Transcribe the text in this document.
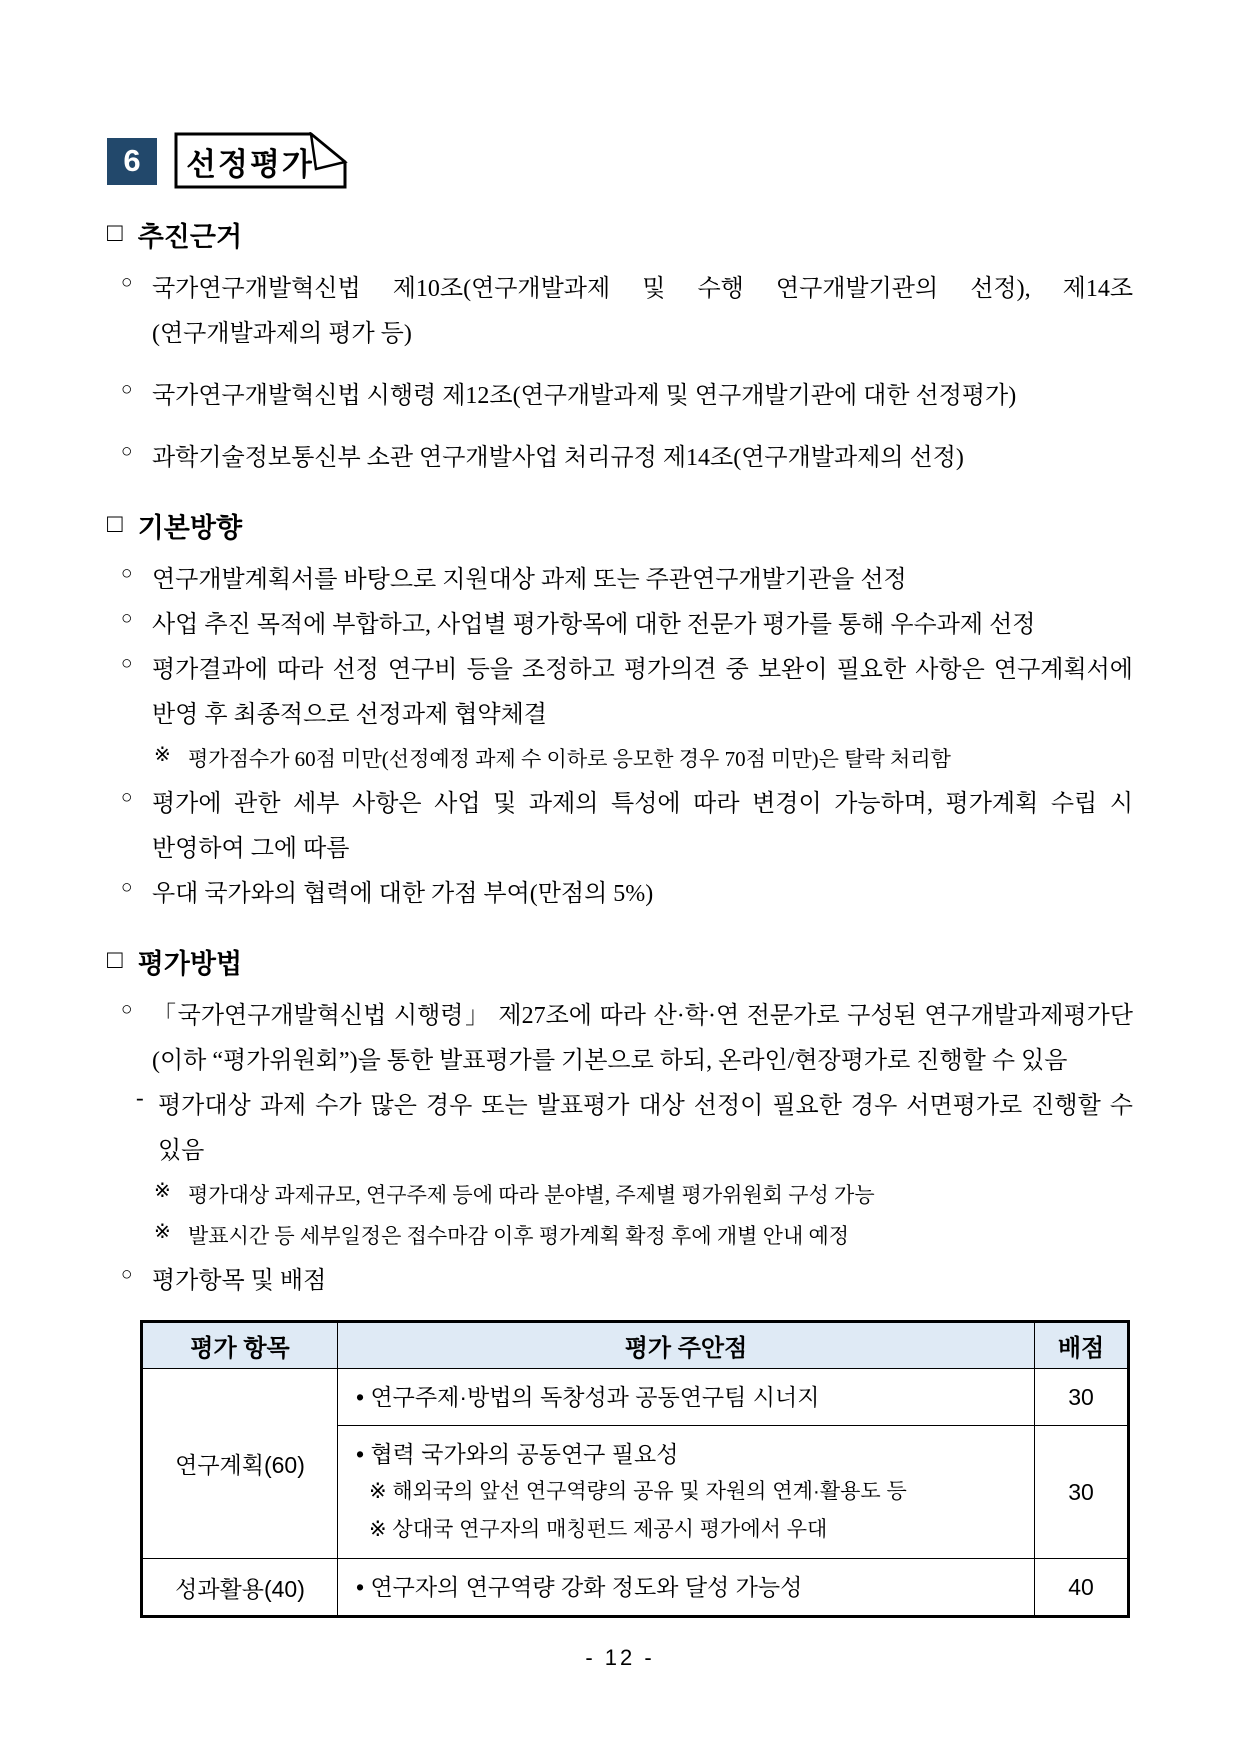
6	선정평가
□ 추진근거
○ 국가연구개발혁신법 제10조(연구개발과제 및 수행 연구개발기관의 선정), 제14조(연구개발과제의 평가 등)
○ 국가연구개발혁신법 시행령 제12조(연구개발과제 및 연구개발기관에 대한 선정평가)
○ 과학기술정보통신부 소관 연구개발사업 처리규정 제14조(연구개발과제의 선정)
□ 기본방향
○ 연구개발계획서를 바탕으로 지원대상 과제 또는 주관연구개발기관을 선정
○ 사업 추진 목적에 부합하고, 사업별 평가항목에 대한 전문가 평가를 통해 우수과제 선정
○ 평가결과에 따라 선정 연구비 등을 조정하고 평가의견 중 보완이 필요한 사항은 연구계획서에 반영 후 최종적으로 선정과제 협약체결
※ 평가점수가 60점 미만(선정예정 과제 수 이하로 응모한 경우 70점 미만)은 탈락 처리함
○ 평가에 관한 세부 사항은 사업 및 과제의 특성에 따라 변경이 가능하며, 평가계획 수립 시 반영하여 그에 따름
○ 우대 국가와의 협력에 대한 가점 부여(만점의 5%)
□ 평가방법
○ 「국가연구개발혁신법 시행령」 제27조에 따라 산·학·연 전문가로 구성된 연구개발과제평가단(이하 “평가위원회”)을 통한 발표평가를 기본으로 하되, 온라인/현장평가로 진행할 수 있음
- 평가대상 과제 수가 많은 경우 또는 발표평가 대상 선정이 필요한 경우 서면평가로 진행할 수 있음
※ 평가대상 과제규모, 연구주제 등에 따라 분야별, 주제별 평가위원회 구성 가능
※ 발표시간 등 세부일정은 접수마감 이후 평가계획 확정 후에 개별 안내 예정
○ 평가항목 및 배점
평가 항목	평가 주안점	배점
연구계획(60)	• 연구주제·방법의 독창성과 공동연구팀 시너지	30

	• 협력 국가와의 공동연구 필요성
※ 해외국의 앞선 연구역량의 공유 및 자원의 연계·활용도 등
※ 상대국 연구자의 매칭펀드 제공시 평가에서 우대	30
성과활용(40)	• 연구자의 연구역량 강화 정도와 달성 가능성	40
- 12 -
